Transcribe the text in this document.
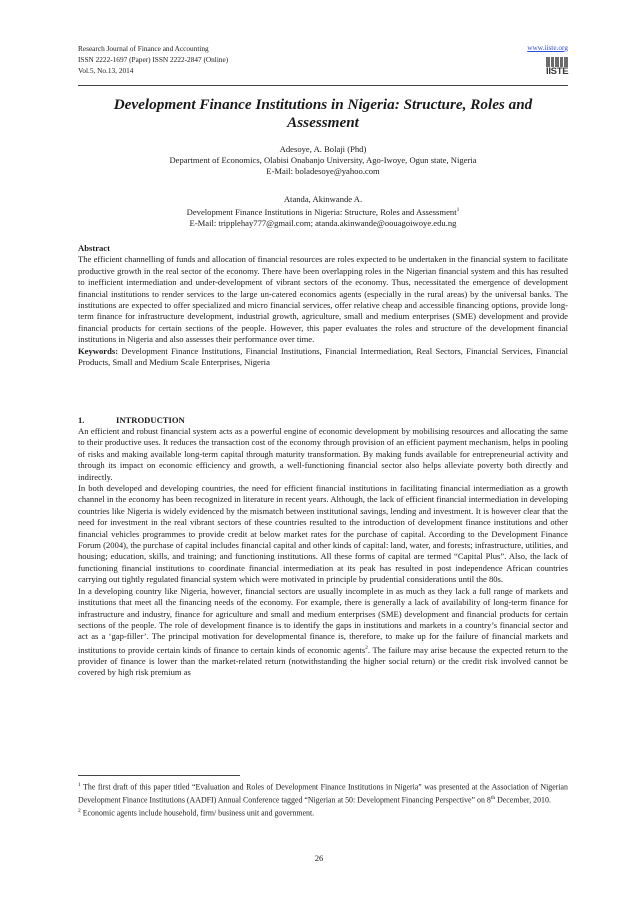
Research Journal of Finance and Accounting
ISSN 2222-1697 (Paper) ISSN 2222-2847 (Online)
Vol.5, No.13, 2014
www.iiste.org
IISTE
Development Finance Institutions in Nigeria: Structure, Roles and Assessment
Adesoye, A. Bolaji (Phd)
Department of Economics, Olabisi Onabanjo University, Ago-Iwoye, Ogun state, Nigeria
E-Mail: boladesoye@yahoo.com
Atanda, Akinwande A.
Development Finance Institutions in Nigeria: Structure, Roles and Assessment$^1$
E-Mail: tripplehay777@gmail.com; atanda.akinwande@oouagoiwoye.edu.ng
Abstract

The efficient channelling of funds and allocation of financial resources are roles expected to be undertaken in the financial system to facilitate productive growth in the real sector of the economy. There have been overlapping roles in the Nigerian financial system and this has resulted to inefficient intermediation and under-development of vibrant sectors of the economy. Thus, necessitated the emergence of development financial institutions to render services to the large un-catered economics agents (especially in the rural areas) by the universal banks. The institutions are expected to offer specialized and micro financial services, offer relative cheap and accessible financing options, provide long-term finance for infrastructure development, industrial growth, agriculture, small and medium enterprises (SME) development and provide financial products for certain sections of the people. However, this paper evaluates the roles and structure of the development financial institutions in Nigeria and also assesses their performance over time.

Keywords: Development Finance Institutions, Financial Institutions, Financial Intermediation, Real Sectors, Financial Services, Financial Products, Small and Medium Scale Enterprises, Nigeria

1.	INTRODUCTION

An efficient and robust financial system acts as a powerful engine of economic development by mobilising resources and allocating the same to their productive uses. It reduces the transaction cost of the economy through provision of an efficient payment mechanism, helps in pooling of risks and making available long-term capital through maturity transformation. By making funds available for entrepreneurial activity and through its impact on economic efficiency and growth, a well-functioning financial sector also helps alleviate poverty both directly and indirectly.

In both developed and developing countries, the need for efficient financial institutions in facilitating financial intermediation as a growth channel in the economy has been recognized in literature in recent years. Although, the lack of efficient financial intermediation in developing countries like Nigeria is widely evidenced by the mismatch between institutional savings, lending and investment. It is however clear that the need for investment in the real vibrant sectors of these countries resulted to the introduction of development finance institutions and other financial vehicles programmes to provide credit at below market rates for the purchase of capital. According to the Development Finance Forum (2004), the purchase of capital includes financial capital and other kinds of capital: land, water, and forests; infrastructure, utilities, and housing; education, skills, and training; and functioning institutions. All these forms of capital are termed “Capital Plus”. Also, the lack of functioning financial institutions to coordinate financial intermediation at its peak has resulted in post independence African countries carrying out tightly regulated financial system which were motivated in principle by prudential considerations until the 80s.

In a developing country like Nigeria, however, financial sectors are usually incomplete in as much as they lack a full range of markets and institutions that meet all the financing needs of the economy. For example, there is generally a lack of availability of long-term finance for infrastructure and industry, finance for agriculture and small and medium enterprises (SME) development and financial products for certain sections of the people. The role of development finance is to identify the gaps in institutions and markets in a country’s financial sector and act as a ‘gap-filler’. The principal motivation for developmental finance is, therefore, to make up for the failure of financial markets and institutions to provide certain kinds of finance to certain kinds of economic agents$^2$. The failure may arise because the expected return to the provider of finance is lower than the market-related return (notwithstanding the higher social return) or the credit risk involved cannot be covered by high risk premium as

$^1$ The first draft of this paper titled “Evaluation and Roles of Development Finance Institutions in Nigeria” was presented at the Association of Nigerian Development Finance Institutions (AADFI) Annual Conference tagged “Nigerian at 50: Development Financing Perspective” on 8th December, 2010.

$^2$ Economic agents include household, firm/ business unit and government.

26
